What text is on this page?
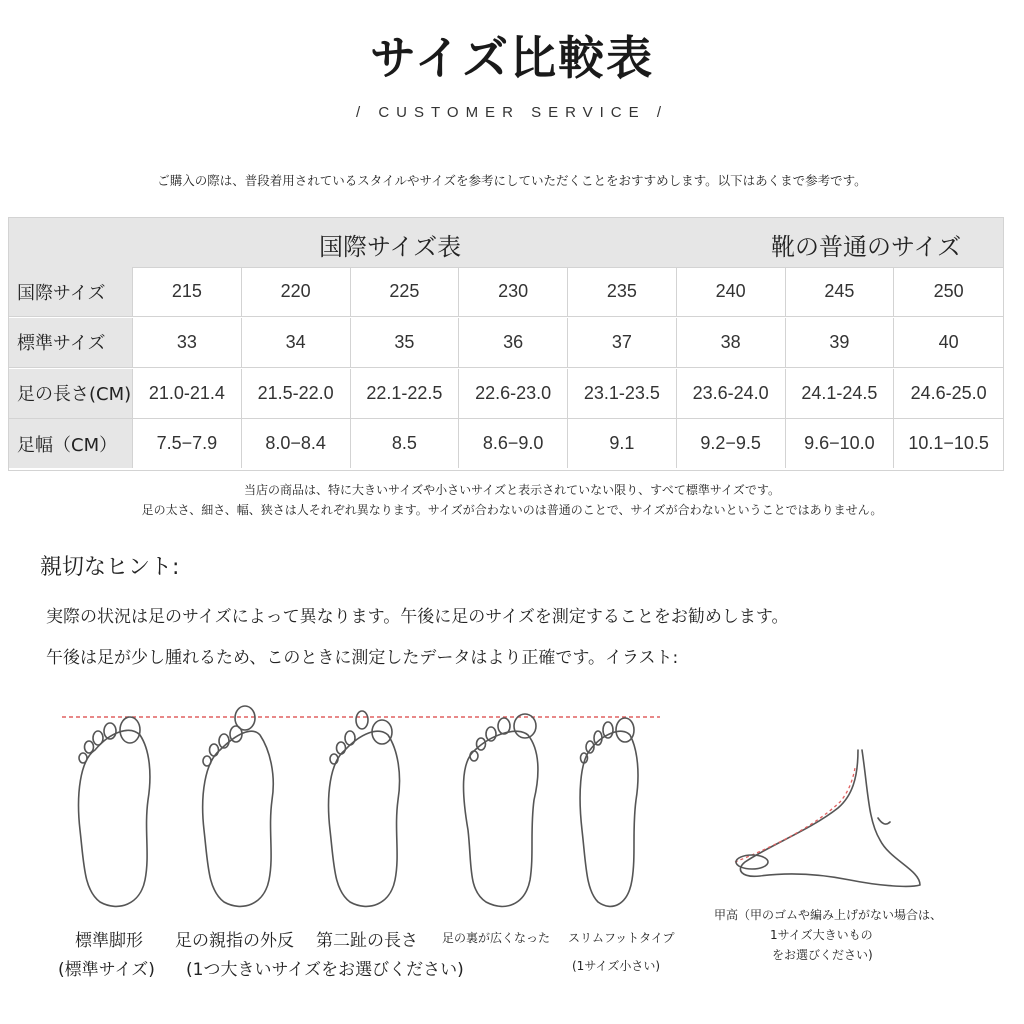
サイズ比較表
/ CUSTOMER SERVICE /
ご購入の際は、普段着用されているスタイルやサイズを参考にしていただくことをおすすめします。以下はあくまで参考です。
国際サイズ表	靴の普通のサイズ
国際サイズ	215	220	225	230	235	240	245	250
標準サイズ	33	34	35	36	37	38	39	40
足の長さ(CM) 21.0-21.4	21.5-22.0	22.1-22.5	22.6-23.0	23.1-23.5	23.6-24.0	24.1-24.5	24.6-25.0
足幅（CM）	7.5−7.9	8.0−8.4	8.5	8.6−9.0	9.1	9.2−9.5	9.6−10.0	10.1−10.5
当店の商品は、特に大きいサイズや小さいサイズと表示されていない限り、すべて標準サイズです。
足の太さ、細さ、幅、狭さは人それぞれ異なります。サイズが合わないのは普通のことで、サイズが合わないということではありません。
親切なヒント:
実際の状況は足のサイズによって異なります。午後に足のサイズを測定することをお勧めします。
午後は足が少し腫れるため、このときに測定したデータはより正確です。イラスト:
標準脚形
(標準サイズ)
足の親指の外反 第二趾の長さ
(1つ大きいサイズをお選びください)
足の裏が広くなった スリムフットタイプ
(1サイズ小さい)
甲高（甲のゴムや編み上げがない場合は、
1サイズ大きいもの
をお選びください)
